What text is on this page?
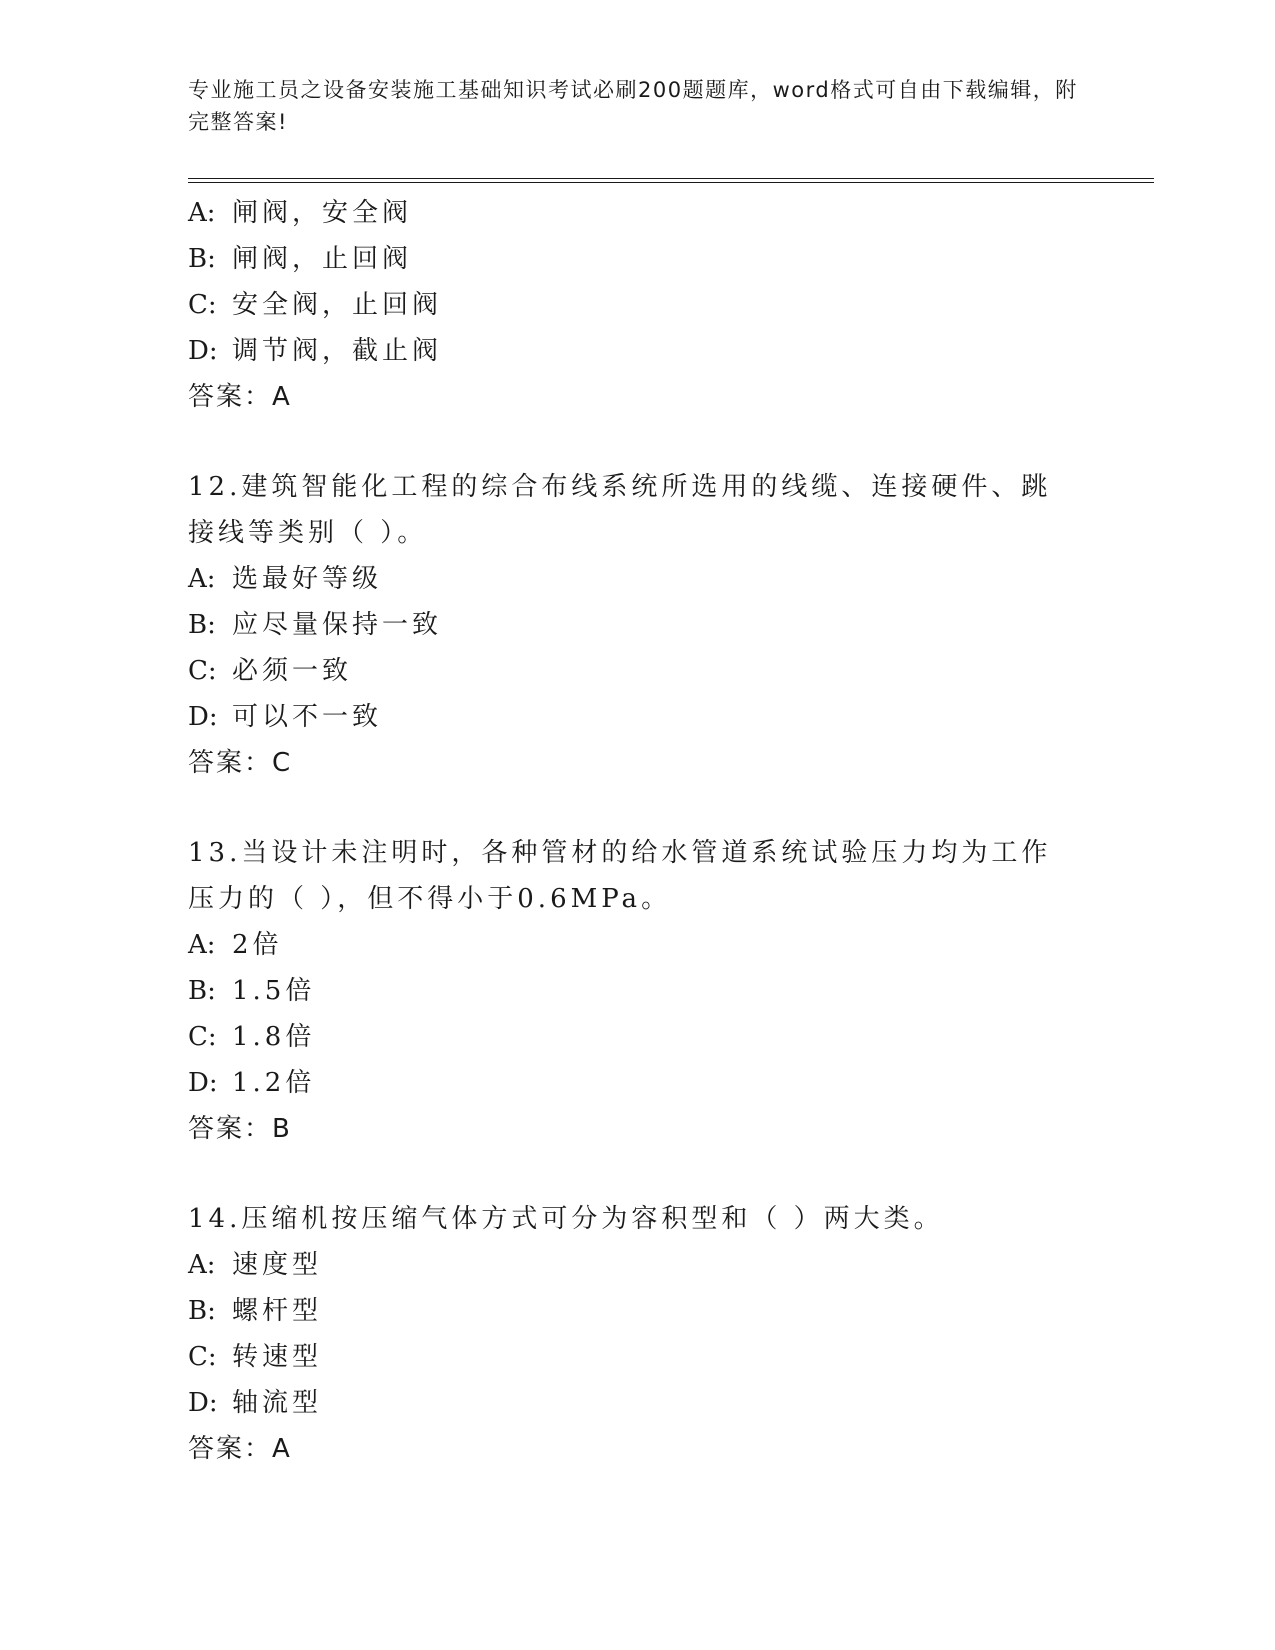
专业施工员之设备安装施工基础知识考试必刷200题题库，word格式可自由下载编辑，附完整答案!
A: 闸阀，安全阀
B: 闸阀，止回阀
C: 安全阀，止回阀
D: 调节阀，截止阀
答案：A

12.建筑智能化工程的综合布线系统所选用的线缆、连接硬件、跳接线等类别（ ）。

A: 选最好等级
B: 应尽量保持一致
C: 必须一致
D: 可以不一致
答案：C

13.当设计未注明时，各种管材的给水管道系统试验压力均为工作压力的（ ），但不得小于0.6MPa。

A: 2倍
B: 1.5倍
C: 1.8倍
D: 1.2倍
答案：B

14.压缩机按压缩气体方式可分为容积型和（ ）两大类。

A: 速度型
B: 螺杆型
C: 转速型
D: 轴流型
答案：A
